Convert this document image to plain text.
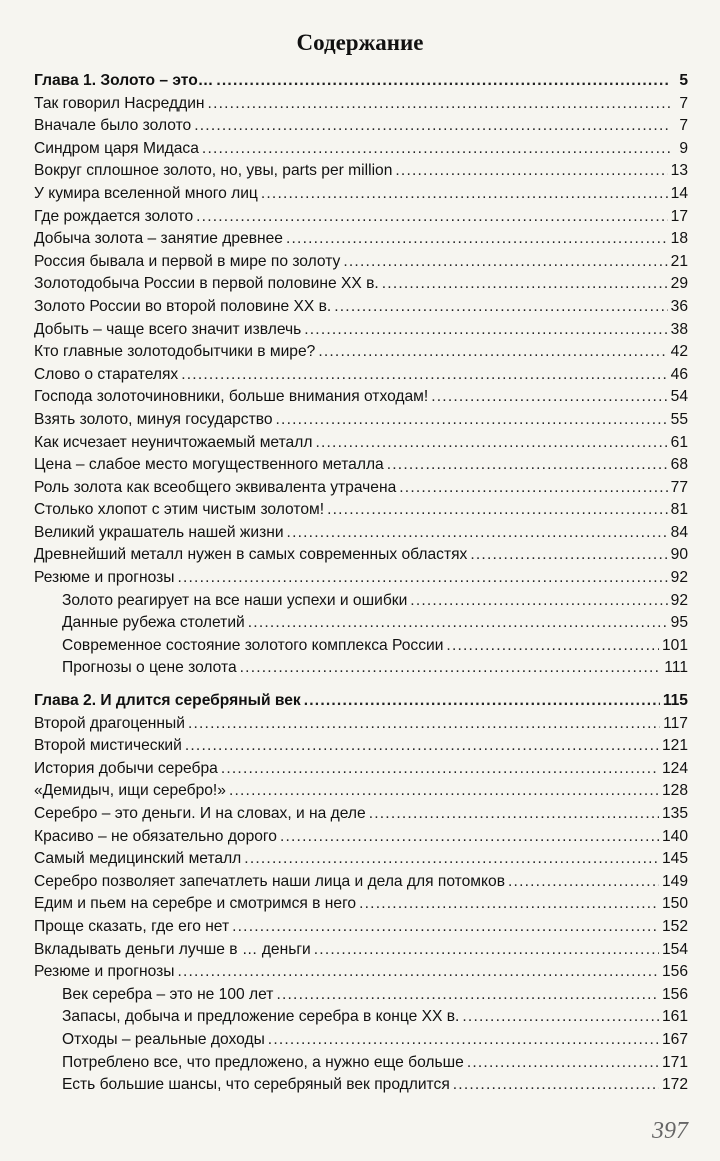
Содержание
Глава 1. Золото – это… .....	5
Так говорил Насреддин .....	7
Вначале было золото .....	7
Синдром царя Мидаса .....	9
Вокруг сплошное золото, но, увы, parts per million .....	13
У кумира вселенной много лиц .....	14
Где рождается золото .....	17
Добыча золота – занятие древнее .....	18
Россия бывала и первой в мире по золоту .....	21
Золотодобыча России в первой половине XX в. .....	29
Золото России во второй половине XX в. .....	36
Добыть – чаще всего значит извлечь .....	38
Кто главные золотодобытчики в мире? .....	42
Слово о старателях .....	46
Господа золоточиновники, больше внимания отходам! .....	54
Взять золото, минуя государство .....	55
Как исчезает неуничтожаемый металл .....	61
Цена – слабое место могущественного металла .....	68
Роль золота как всеобщего эквивалента утрачена .....	77
Столько хлопот с этим чистым золотом! .....	81
Великий украшатель нашей жизни .....	84
Древнейший металл нужен в самых современных областях .....	90
Резюме и прогнозы .....	92
Золото реагирует на все наши успехи и ошибки .....	92
Данные рубежа столетий .....	95
Современное состояние золотого комплекса России .....	101
Прогнозы о цене золота .....	111
Глава 2. И длится серебряный век .....	115
Второй драгоценный .....	117
Второй мистический .....	121
История добычи серебра .....	124
«Демидыч, ищи серебро!» .....	128
Серебро – это деньги. И на словах, и на деле .....	135
Красиво – не обязательно дорого .....	140
Самый медицинский металл .....	145
Серебро позволяет запечатлеть наши лица и дела для потомков .....	149
Едим и пьем на серебре и смотримся в него .....	150
Проще сказать, где его нет .....	152
Вкладывать деньги лучше в … деньги .....	154
Резюме и прогнозы .....	156
Век серебра – это не 100 лет .....	156
Запасы, добыча и предложение серебра в конце XX в. .....	161
Отходы – реальные доходы .....	167
Потреблено все, что предложено, а нужно еще больше .....	171
Есть большие шансы, что серебряный век продлится .....	172
397
